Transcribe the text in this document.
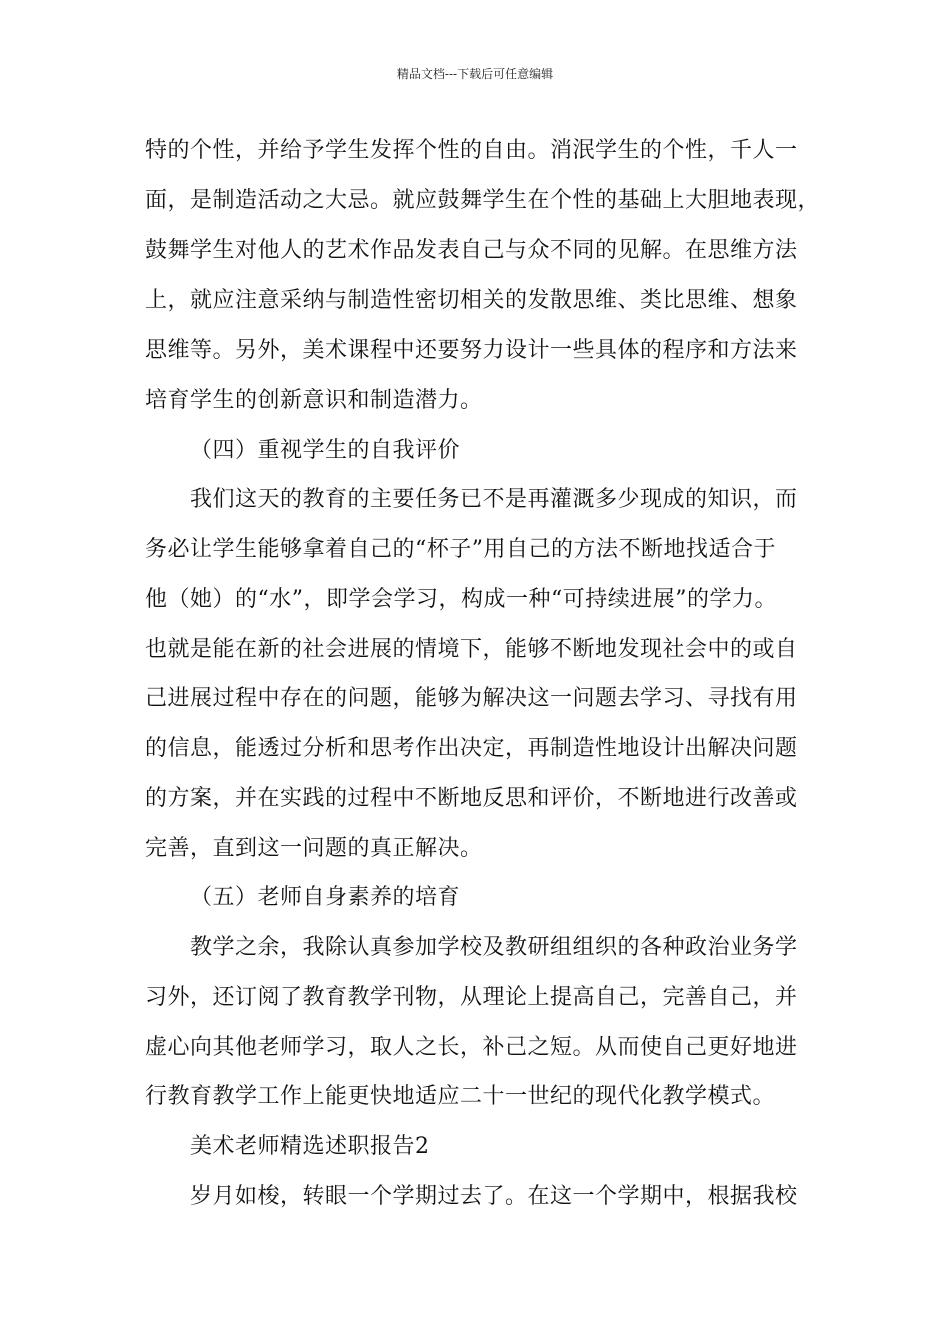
精品文档---下载后可任意编辑
特的个性，并给予学生发挥个性的自由。消泯学生的个性，千人一
面，是制造活动之大忌。就应鼓舞学生在个性的基础上大胆地表现，
鼓舞学生对他人的艺术作品发表自己与众不同的见解。在思维方法
上，就应注意采纳与制造性密切相关的发散思维、类比思维、想象
思维等。另外，美术课程中还要努力设计一些具体的程序和方法来
培育学生的创新意识和制造潜力。
（四）重视学生的自我评价
我们这天的教育的主要任务已不是再灌溉多少现成的知识，而
务必让学生能够拿着自己的“杯子”用自己的方法不断地找适合于
他（她）的“水”，即学会学习，构成一种“可持续进展”的学力。
也就是能在新的社会进展的情境下，能够不断地发现社会中的或自
己进展过程中存在的问题，能够为解决这一问题去学习、寻找有用
的信息，能透过分析和思考作出决定，再制造性地设计出解决问题
的方案，并在实践的过程中不断地反思和评价，不断地进行改善或
完善，直到这一问题的真正解决。
（五）老师自身素养的培育
教学之余，我除认真参加学校及教研组组织的各种政治业务学
习外，还订阅了教育教学刊物，从理论上提高自己，完善自己，并
虚心向其他老师学习，取人之长，补己之短。从而使自己更好地进
行教育教学工作上能更快地适应二十一世纪的现代化教学模式。
美术老师精选述职报告2
岁月如梭，转眼一个学期过去了。在这一个学期中，根据我校
